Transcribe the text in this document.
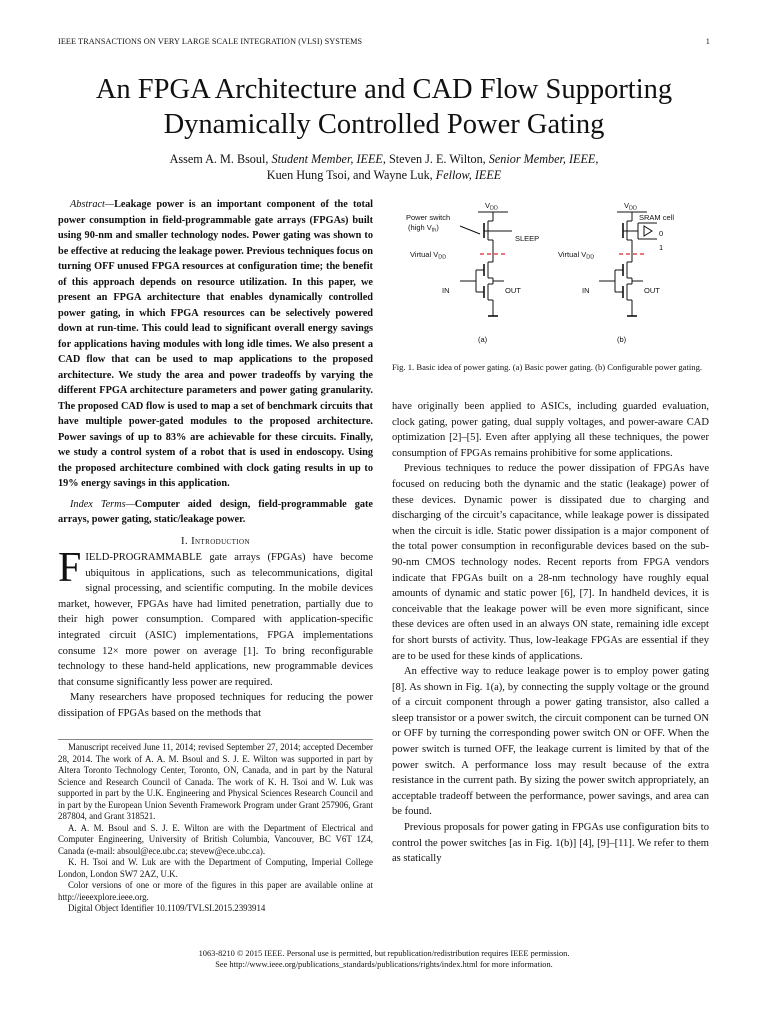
IEEE TRANSACTIONS ON VERY LARGE SCALE INTEGRATION (VLSI) SYSTEMS	1
An FPGA Architecture and CAD Flow Supporting
Dynamically Controlled Power Gating
Assem A. M. Bsoul, Student Member, IEEE, Steven J. E. Wilton, Senior Member, IEEE,
Kuen Hung Tsoi, and Wayne Luk, Fellow, IEEE

Abstract—Leakage power is an important component of the total power consumption in field-programmable gate arrays (FPGAs) built using 90-nm and smaller technology nodes. Power gating was shown to be effective at reducing the leakage power. Previous techniques focus on turning OFF unused FPGA resources at configuration time; the benefit of this approach depends on resource utilization. In this paper, we present an FPGA architecture that enables dynamically controlled power gating, in which FPGA resources can be selectively powered down at run-time. This could lead to significant overall energy savings for applications having modules with long idle times. We also present a CAD flow that can be used to map applications to the proposed architecture. We study the area and power tradeoffs by varying the different FPGA architecture parameters and power gating granularity. The proposed CAD flow is used to map a set of benchmark circuits that have multiple power-gated modules to the proposed architecture. Power savings of up to 83% are achievable for these circuits. Finally, we study a control system of a robot that is used in endoscopy. Using the proposed architecture combined with clock gating results in up to 19% energy savings in this application.

Index Terms—Computer aided design, field-programmable gate arrays, power gating, static/leakage power.

I. Introduction

FIELD-PROGRAMMABLE gate arrays (FPGAs) have become ubiquitous in applications, such as telecommunications, digital signal processing, and scientific computing. In the mobile devices market, however, FPGAs have had limited penetration, partially due to their high power consumption. Compared with application-specific integrated circuit (ASIC) implementations, FPGA implementations consume 12× more power on average [1]. To bring reconfigurable technology to these hand-held applications, new programmable devices that consume significantly less power are required.

Many researchers have proposed techniques for reducing the power dissipation of FPGAs based on the methods that

Manuscript received June 11, 2014; revised September 27, 2014; accepted December 28, 2014. The work of A. A. M. Bsoul and S. J. E. Wilton was supported in part by Altera Toronto Technology Center, Toronto, ON, Canada, and in part by the Natural Science and Research Council of Canada. The work of K. H. Tsoi and W. Luk was supported in part by the U.K. Engineering and Physical Sciences Research Council and in part by the European Union Seventh Framework Program under Grant 257906, Grant 287804, and Grant 318521.

A. A. M. Bsoul and S. J. E. Wilton are with the Department of Electrical and Computer Engineering, University of British Columbia, Vancouver, BC V6T 1Z4, Canada (e-mail: absoul@ece.ubc.ca; stevew@ece.ubc.ca).

K. H. Tsoi and W. Luk are with the Department of Computing, Imperial College London, London SW7 2AZ, U.K.

Color versions of one or more of the figures in this paper are available online at http://ieeexplore.ieee.org.

Digital Object Identifier 10.1109/TVLSI.2015.2393914

$V_{DD}$
Power switch
(high $V_{th}$)
SLEEP
Virtual $V_{DD}$
IN	OUT
(a)
$V_{DD}$
SRAM cell
0
1
Virtual $V_{DD}$
IN	OUT
(b)
Fig. 1. Basic idea of power gating. (a) Basic power gating. (b) Configurable power gating.

have originally been applied to ASICs, including guarded evaluation, clock gating, power gating, dual supply voltages, and power-aware CAD optimization [2]–[5]. Even after applying all these techniques, the power consumption of FPGAs remains prohibitive for some applications.

Previous techniques to reduce the power dissipation of FPGAs have focused on reducing both the dynamic and the static (leakage) power of these devices. Dynamic power is dissipated due to charging and discharging of the circuit’s capacitance, while leakage power is dissipated when the circuit is idle. Static power dissipation is a major component of the total power consumption in reconfigurable devices based on the sub-90-nm CMOS technology nodes. Recent reports from FPGA vendors indicate that FPGAs built on a 28-nm technology have roughly equal amounts of dynamic and static power [6], [7]. In handheld devices, it is conceivable that the leakage power will be even more significant, since these devices are often used in an always ON state, remaining idle except for short bursts of activity. Thus, low-leakage FPGAs are essential if they are to be used for these kinds of applications.

An effective way to reduce leakage power is to employ power gating [8]. As shown in Fig. 1(a), by connecting the supply voltage or the ground of a circuit component through a power gating transistor, also called a sleep transistor or a power switch, the circuit component can be turned ON or OFF by turning the corresponding power switch ON or OFF. When the power switch is turned OFF, the leakage current is limited by that of the power switch. A performance loss may result because of the extra resistance in the current path. By sizing the power switch appropriately, an acceptable tradeoff between the performance, power savings, and area can be found.

Previous proposals for power gating in FPGAs use configuration bits to control the power switches [as in Fig. 1(b)] [4], [9]–[11]. We refer to them as statically

1063-8210 © 2015 IEEE. Personal use is permitted, but republication/redistribution requires IEEE permission.
See http://www.ieee.org/publications_standards/publications/rights/index.html for more information.
